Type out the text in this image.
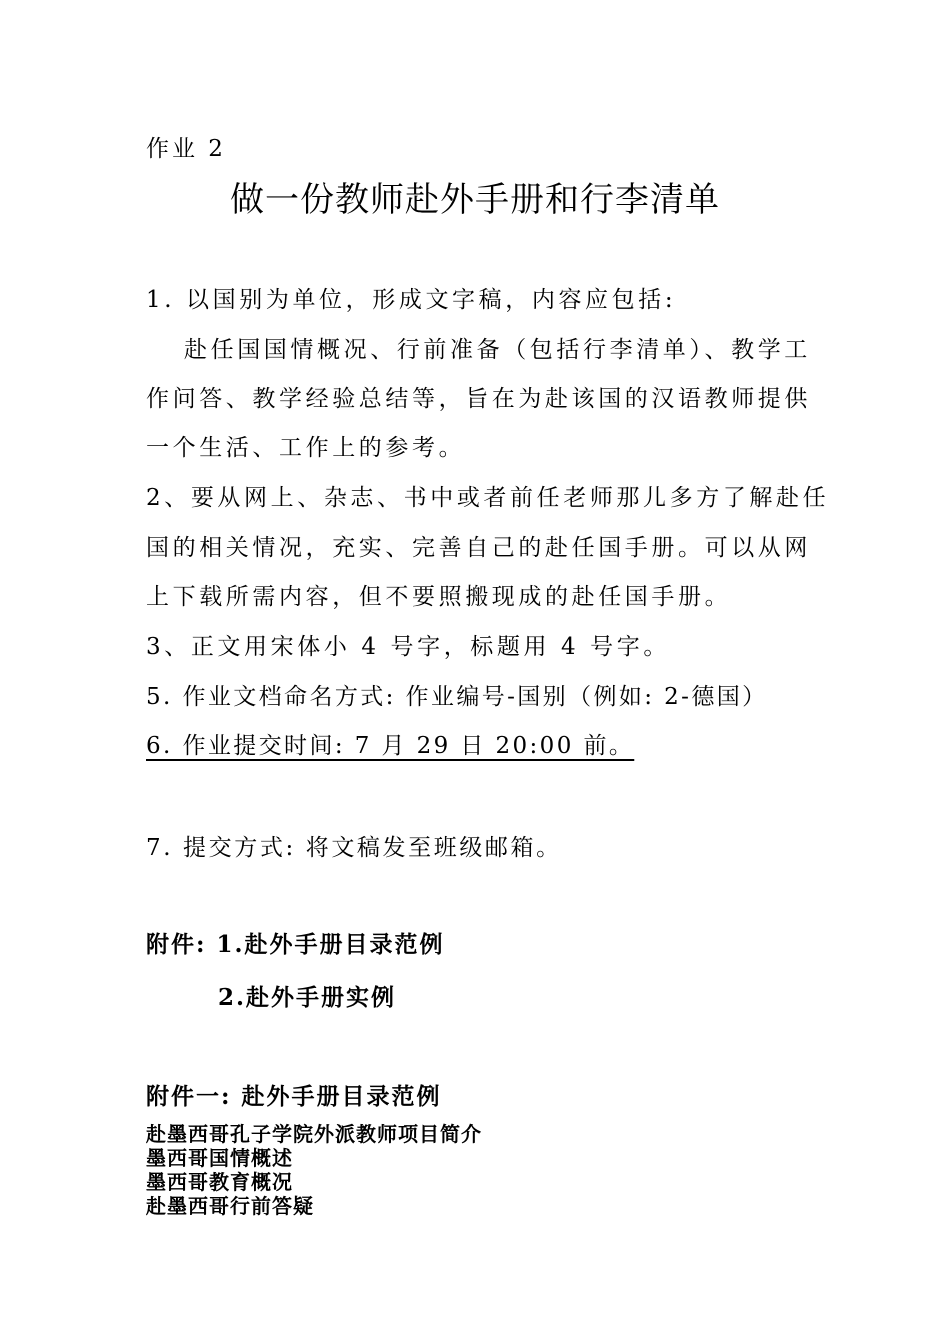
作业 2
做一份教师赴外手册和行李清单
1. 以国别为单位，形成文字稿，内容应包括:
赴任国国情概况、行前准备（包括行李清单）、教学工
作问答、教学经验总结等，旨在为赴该国的汉语教师提供
一个生活、工作上的参考。
2、要从网上、杂志、书中或者前任老师那儿多方了解赴任
国的相关情况，充实、完善自己的赴任国手册。可以从网
上下载所需内容，但不要照搬现成的赴任国手册。
3、正文用宋体小 4 号字，标题用 4 号字。
5. 作业文档命名方式: 作业编号-国别（例如: 2-德国）
6. 作业提交时间: 7 月 29 日 20:00 前。
7. 提交方式: 将文稿发至班级邮箱。
附件: 1.赴外手册目录范例
2.赴外手册实例
附件一: 赴外手册目录范例
赴墨西哥孔子学院外派教师项目简介
墨西哥国情概述
墨西哥教育概况
赴墨西哥行前答疑
